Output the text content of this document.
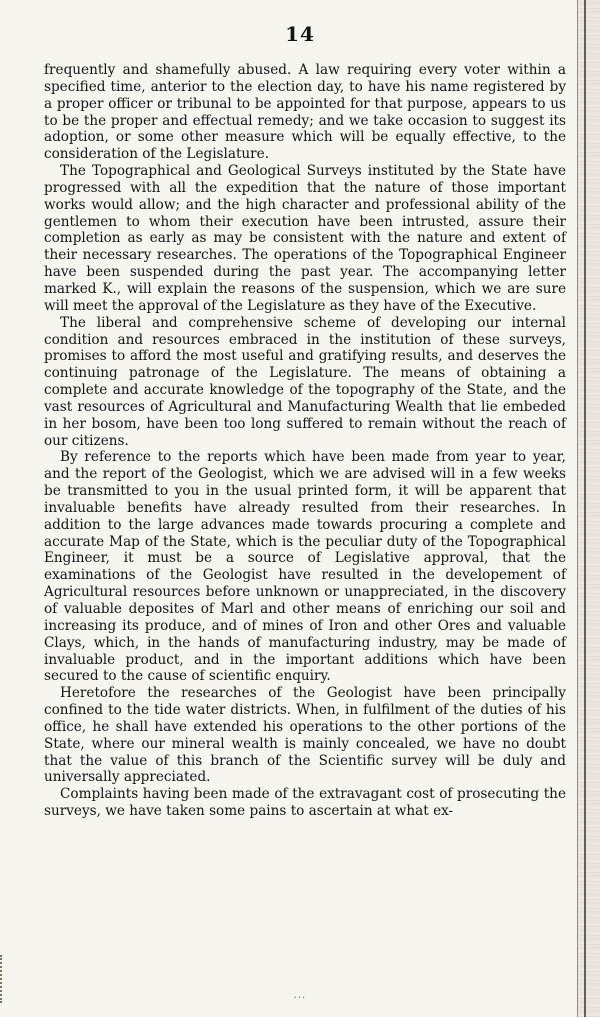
14

frequently and shamefully abused. A law requiring every voter within a specified time, anterior to the election day, to have his name registered by a proper officer or tribunal to be appointed for that purpose, appears to us to be the proper and effectual remedy; and we take occasion to suggest its adoption, or some other measure which will be equally effective, to the consideration of the Legislature.

The Topographical and Geological Surveys instituted by the State have progressed with all the expedition that the nature of those important works would allow; and the high character and professional ability of the gentlemen to whom their execution have been intrusted, assure their completion as early as may be consistent with the nature and extent of their necessary researches. The operations of the Topographical Engineer have been suspended during the past year. The accompanying letter marked K., will explain the reasons of the suspension, which we are sure will meet the approval of the Legislature as they have of the Executive.

The liberal and comprehensive scheme of developing our internal condition and resources embraced in the institution of these surveys, promises to afford the most useful and gratifying results, and deserves the continuing patronage of the Legislature. The means of obtaining a complete and accurate knowledge of the topography of the State, and the vast resources of Agricultural and Manufacturing Wealth that lie embeded in her bosom, have been too long suffered to remain without the reach of our citizens.

By reference to the reports which have been made from year to year, and the report of the Geologist, which we are advised will in a few weeks be transmitted to you in the usual printed form, it will be apparent that invaluable benefits have already resulted from their researches. In addition to the large advances made towards procuring a complete and accurate Map of the State, which is the peculiar duty of the Topographical Engineer, it must be a source of Legislative approval, that the examinations of the Geologist have resulted in the developement of Agricultural resources before unknown or unappreciated, in the discovery of valuable deposites of Marl and other means of enriching our soil and increasing its produce, and of mines of Iron and other Ores and valuable Clays, which, in the hands of manufacturing industry, may be made of invaluable product, and in the important additions which have been secured to the cause of scientific enquiry.

Heretofore the researches of the Geologist have been principally confined to the tide water districts. When, in fulfilment of the duties of his office, he shall have extended his operations to the other portions of the State, where our mineral wealth is mainly concealed, we have no doubt that the value of this branch of the Scientific survey will be duly and universally appreciated.

Complaints having been made of the extravagant cost of prosecuting the surveys, we have taken some pains to ascertain at what ex-

...
